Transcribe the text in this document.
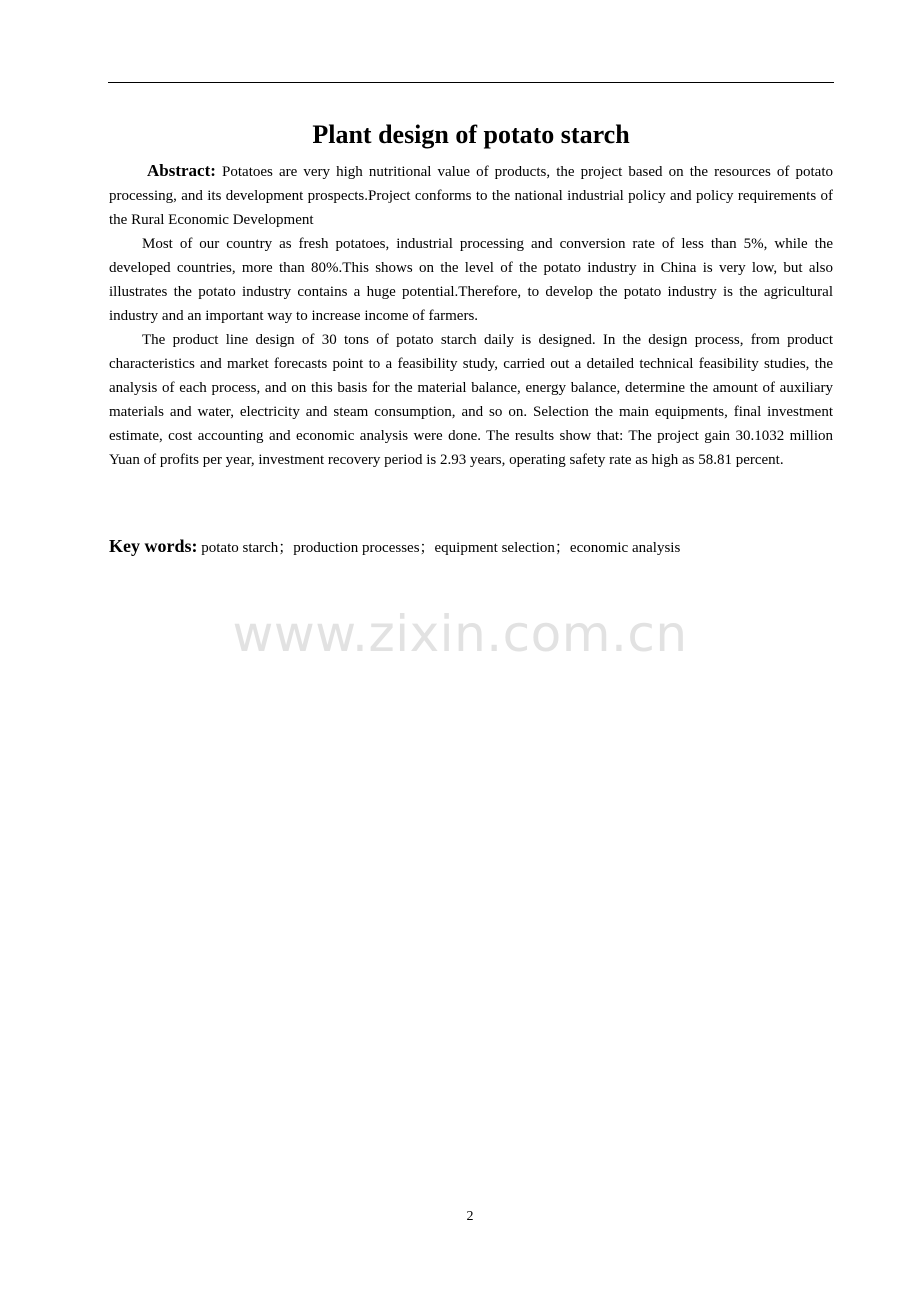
Plant design of potato starch

Abstract: Potatoes are very high nutritional value of products, the project based on the resources of potato processing, and its development prospects.Project conforms to the national industrial policy and policy requirements of the Rural Economic Development

Most of our country as fresh potatoes, industrial processing and conversion rate of less than 5%, while the developed countries, more than 80%.This shows on the level of the potato industry in China is very low, but also illustrates the potato industry contains a huge potential.Therefore, to develop the potato industry is the agricultural industry and an important way to increase income of farmers.

The product line design of 30 tons of potato starch daily is designed. In the design process, from product characteristics and market forecasts point to a feasibility study, carried out a detailed technical feasibility studies, the analysis of each process, and on this basis for the material balance, energy balance, determine the amount of auxiliary materials and water, electricity and steam consumption, and so on. Selection the main equipments, final investment estimate, cost accounting and economic analysis were done. The results show that: The project gain 30.1032 million Yuan of profits per year, investment recovery period is 2.93 years, operating safety rate as high as 58.81 percent.

Key words: potato starch；production processes；equipment selection；economic analysis

www.zixin.com.cn
2
